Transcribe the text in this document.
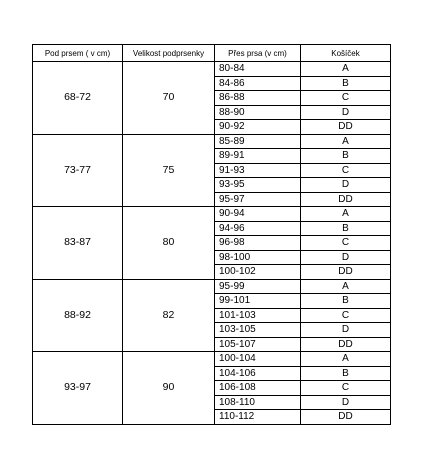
Pod prsem ( v cm)	Velikost podprsenky	Přes prsa (v cm)	Košíček
68-72	70	80-84	A
		84-86	B
		86-88	C
		88-90	D
		90-92	DD
73-77	75	85-89	A
		89-91	B
		91-93	C
		93-95	D
		95-97	DD
83-87	80	90-94	A
		94-96	B
		96-98	C
		98-100	D
		100-102	DD
88-92	82	95-99	A
		99-101	B
		101-103	C
		103-105	D
		105-107	DD
93-97	90	100-104	A
		104-106	B
		106-108	C
		108-110	D
		110-112	DD
